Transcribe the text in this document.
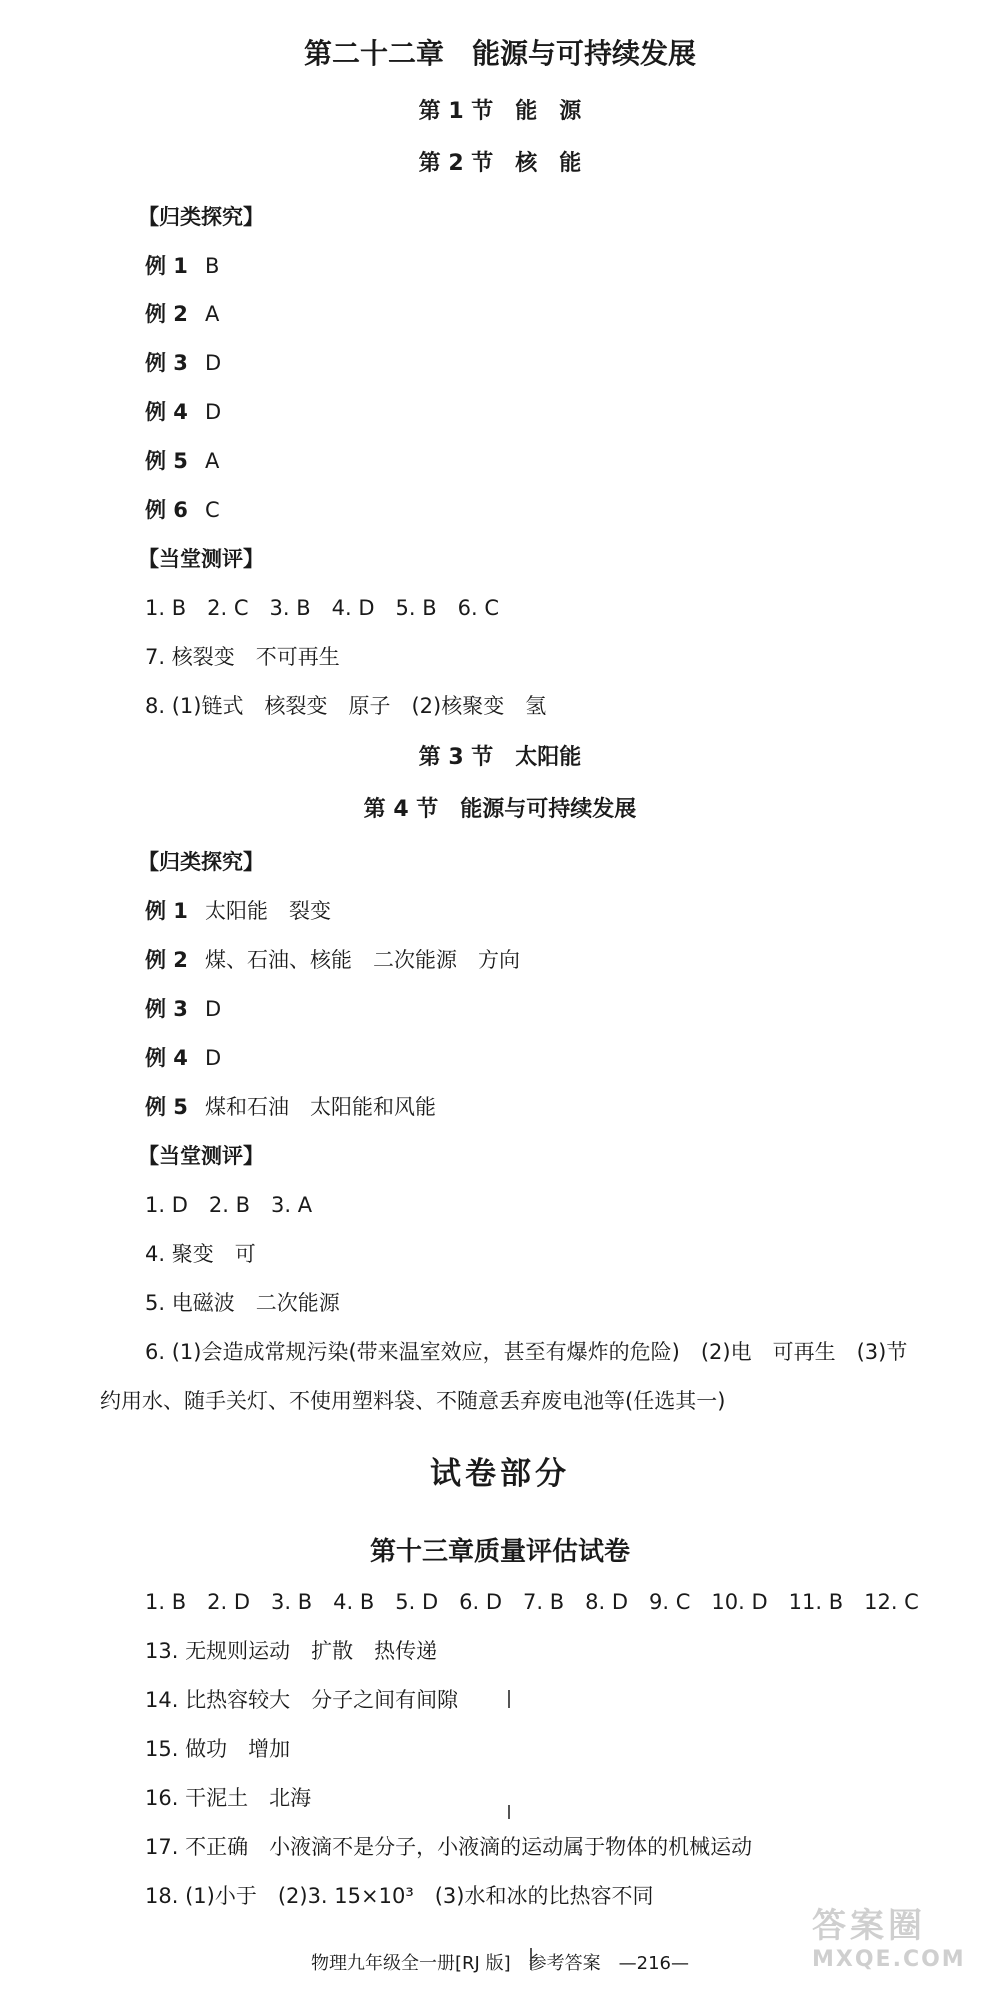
第二十二章　能源与可持续发展
第 1 节　能　源
第 2 节　核　能
【归类探究】
例 1 B
例 2 A
例 3 D
例 4 D
例 5 A
例 6 C
【当堂测评】
1. B　2. C　3. B　4. D　5. B　6. C
7. 核裂变　不可再生
8. (1)链式　核裂变　原子　(2)核聚变　氢
第 3 节　太阳能
第 4 节　能源与可持续发展
【归类探究】
例 1 太阳能　裂变
例 2 煤、石油、核能　二次能源　方向
例 3 D
例 4 D
例 5 煤和石油　太阳能和风能
【当堂测评】
1. D　2. B　3. A
4. 聚变　可
5. 电磁波　二次能源
6. (1)会造成常规污染(带来温室效应，甚至有爆炸的危险)　(2)电　可再生　(3)节
约用水、随手关灯、不使用塑料袋、不随意丢弃废电池等(任选其一)
试卷部分
第十三章质量评估试卷
1. B　2. D　3. B　4. B　5. D　6. D　7. B　8. D　9. C　10. D　11. B　12. C
13. 无规则运动　扩散　热传递
14. 比热容较大　分子之间有间隙
15. 做功　增加
16. 干泥土　北海
17. 不正确　小液滴不是分子，小液滴的运动属于物体的机械运动
18. (1)小于　(2)3. 15×10³　(3)水和冰的比热容不同
物理九年级全一册[RJ 版]　参考答案　—216—
答案圈
MXQE.COM
